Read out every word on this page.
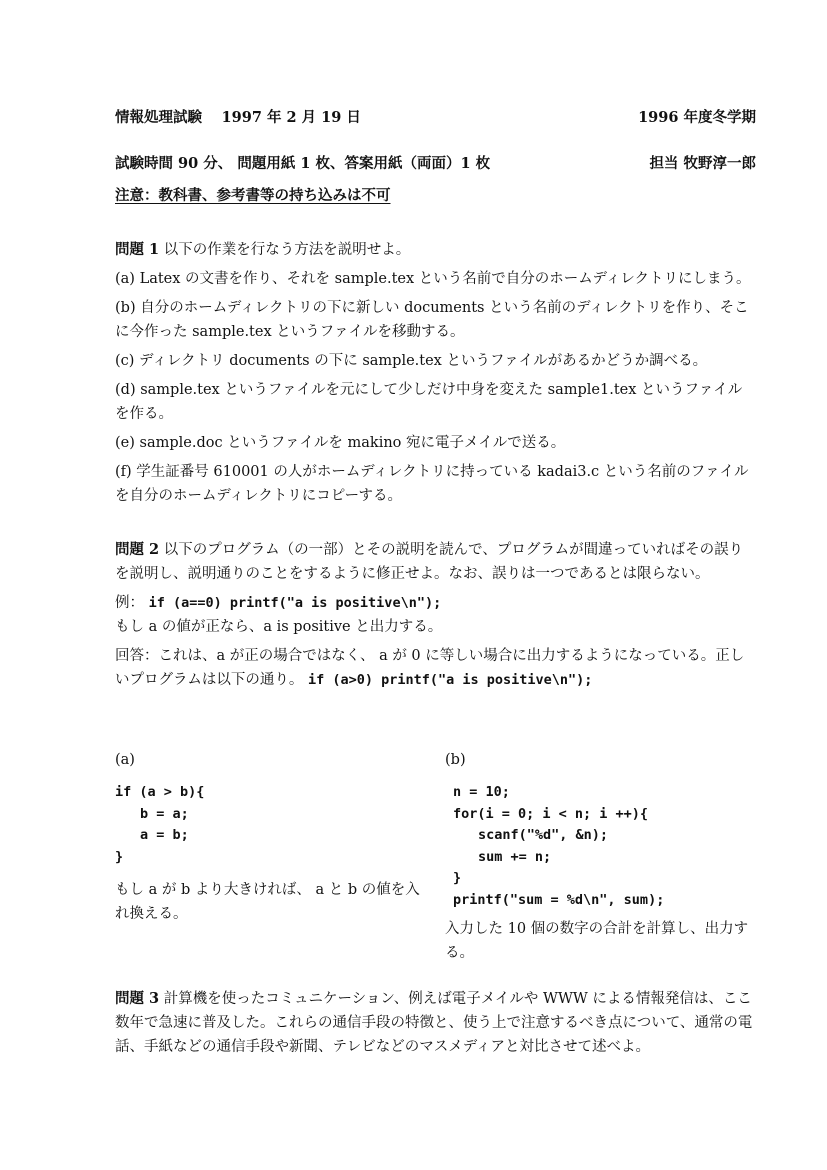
情報処理試験　 1997 年 2 月 19 日	1996 年度冬学期
試験時間 90 分、 問題用紙 1 枚、答案用紙（両面）1 枚	担当 牧野淳一郎
注意：教科書、参考書等の持ち込みは不可
問題 1 以下の作業を行なう方法を説明せよ。
(a) Latex の文書を作り、それを sample.tex という名前で自分のホームディレクトリにしまう。
(b) 自分のホームディレクトリの下に新しい documents という名前のディレクトリを作り、そこに今作った sample.tex というファイルを移動する。
(c) ディレクトリ documents の下に sample.tex というファイルがあるかどうか調べる。
(d) sample.tex というファイルを元にして少しだけ中身を変えた sample1.tex というファイルを作る。
(e) sample.doc というファイルを makino 宛に電子メイルで送る。
(f) 学生証番号 610001 の人がホームディレクトリに持っている kadai3.c という名前のファイルを自分のホームディレクトリにコピーする。
問題 2 以下のプログラム（の一部）とその説明を読んで、プログラムが間違っていればその誤りを説明し、説明通りのことをするように修正せよ。なお、誤りは一つであるとは限らない。
例： if (a==0) printf("a is positive\n");
もし a の値が正なら、a is positive と出力する。
回答：これは、a が正の場合ではなく、 a が 0 に等しい場合に出力するようになっている。正しいプログラムは以下の通り。 if (a>0) printf("a is positive\n");
(a)
if (a > b){
b = a;
a = b;
}
もし a が b より大きければ、 a と b の値を入れ換える。
(b)
n = 10;
for(i = 0; i < n; i ++){
scanf("%d", &n);
sum += n;
}
printf("sum = %d\n", sum);
入力した 10 個の数字の合計を計算し、出力する。
問題 3 計算機を使ったコミュニケーション、例えば電子メイルや WWW による情報発信は、ここ数年で急速に普及した。これらの通信手段の特徴と、使う上で注意するべき点について、通常の電話、手紙などの通信手段や新聞、テレビなどのマスメディアと対比させて述べよ。
